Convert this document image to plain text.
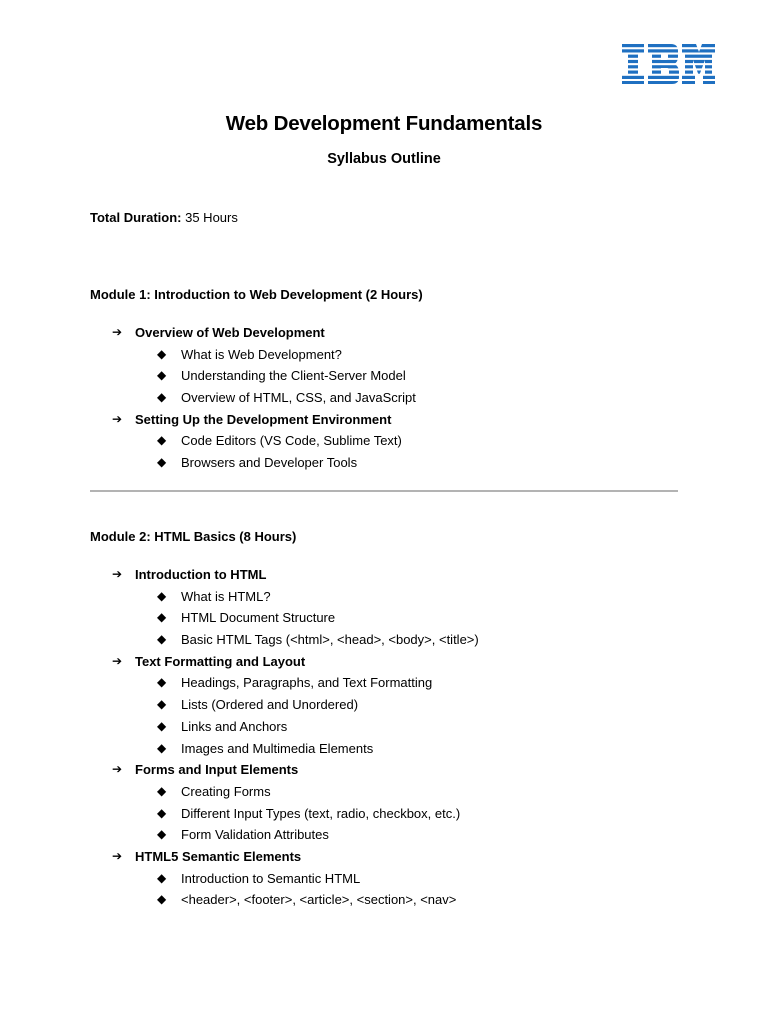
Web Development Fundamentals
Syllabus Outline
Total Duration: 35 Hours
Module 1: Introduction to Web Development (2 Hours)
➔ Overview of Web Development
◆ What is Web Development?
◆ Understanding the Client-Server Model
◆ Overview of HTML, CSS, and JavaScript
➔ Setting Up the Development Environment
◆ Code Editors (VS Code, Sublime Text)
◆ Browsers and Developer Tools
Module 2: HTML Basics (8 Hours)
➔ Introduction to HTML
◆ What is HTML?
◆ HTML Document Structure
◆ Basic HTML Tags (<html>, <head>, <body>, <title>)
➔ Text Formatting and Layout
◆ Headings, Paragraphs, and Text Formatting
◆ Lists (Ordered and Unordered)
◆ Links and Anchors
◆ Images and Multimedia Elements
➔ Forms and Input Elements
◆ Creating Forms
◆ Different Input Types (text, radio, checkbox, etc.)
◆ Form Validation Attributes
➔ HTML5 Semantic Elements
◆ Introduction to Semantic HTML
◆ <header>, <footer>, <article>, <section>, <nav>
